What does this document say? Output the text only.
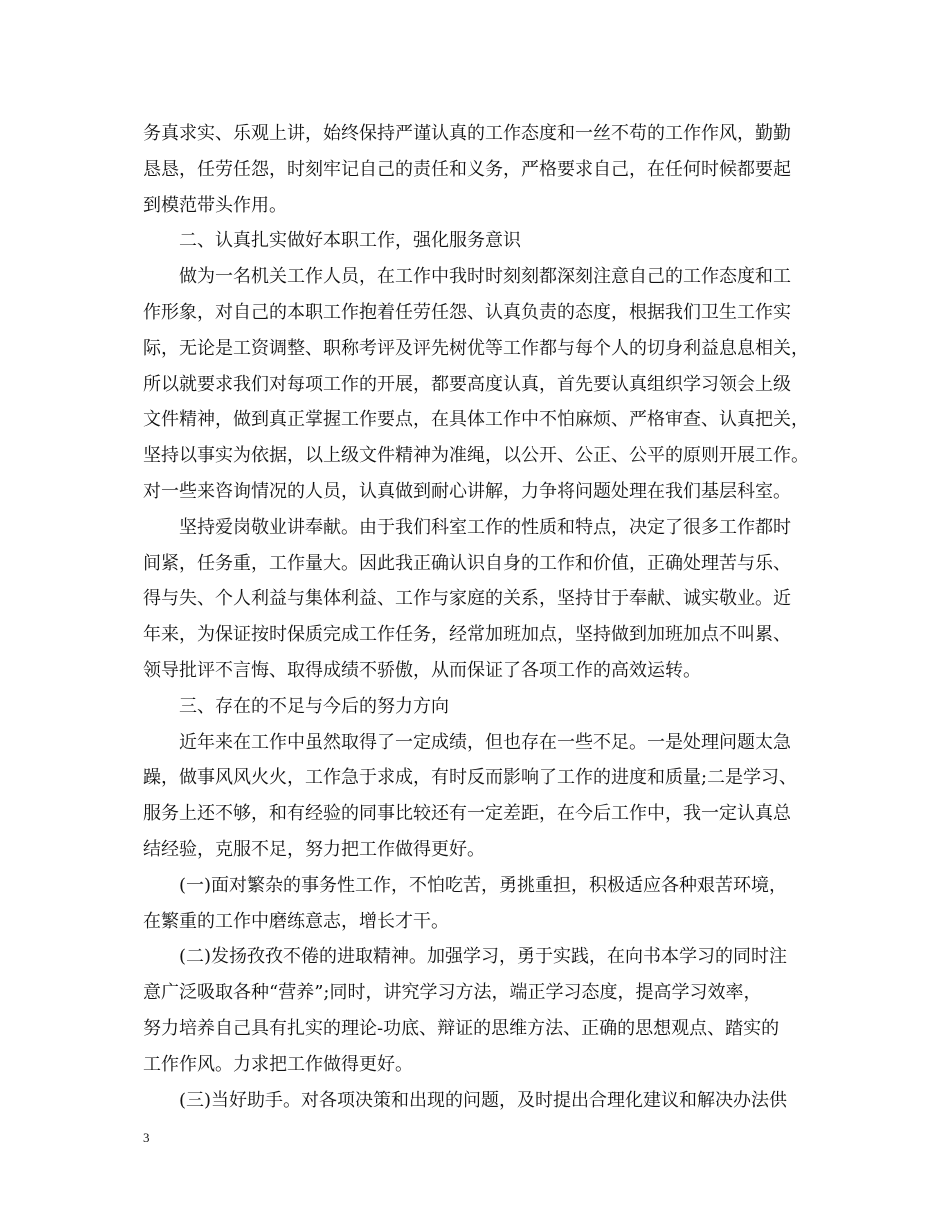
务真求实、乐观上讲，始终保持严谨认真的工作态度和一丝不苟的工作作风，勤勤
恳恳，任劳任怨，时刻牢记自己的责任和义务，严格要求自己，在任何时候都要起
到模范带头作用。
二、认真扎实做好本职工作，强化服务意识
做为一名机关工作人员，在工作中我时时刻刻都深刻注意自己的工作态度和工
作形象，对自己的本职工作抱着任劳任怨、认真负责的态度，根据我们卫生工作实
际，无论是工资调整、职称考评及评先树优等工作都与每个人的切身利益息息相关，
所以就要求我们对每项工作的开展，都要高度认真，首先要认真组织学习领会上级
文件精神，做到真正掌握工作要点，在具体工作中不怕麻烦、严格审查、认真把关，
坚持以事实为依据，以上级文件精神为准绳，以公开、公正、公平的原则开展工作。
对一些来咨询情况的人员，认真做到耐心讲解，力争将问题处理在我们基层科室。
坚持爱岗敬业讲奉献。由于我们科室工作的性质和特点，决定了很多工作都时
间紧，任务重，工作量大。因此我正确认识自身的工作和价值，正确处理苦与乐、
得与失、个人利益与集体利益、工作与家庭的关系，坚持甘于奉献、诚实敬业。近
年来，为保证按时保质完成工作任务，经常加班加点，坚持做到加班加点不叫累、
领导批评不言悔、取得成绩不骄傲，从而保证了各项工作的高效运转。
三、存在的不足与今后的努力方向
近年来在工作中虽然取得了一定成绩，但也存在一些不足。一是处理问题太急
躁，做事风风火火，工作急于求成，有时反而影响了工作的进度和质量;二是学习、
服务上还不够，和有经验的同事比较还有一定差距，在今后工作中，我一定认真总
结经验，克服不足，努力把工作做得更好。
(一)面对繁杂的事务性工作，不怕吃苦，勇挑重担，积极适应各种艰苦环境，
在繁重的工作中磨练意志，增长才干。
(二)发扬孜孜不倦的进取精神。加强学习，勇于实践，在向书本学习的同时注
意广泛吸取各种“营养”;同时，讲究学习方法，端正学习态度，提高学习效率，
努力培养自己具有扎实的理论-功底、辩证的思维方法、正确的思想观点、踏实的
工作作风。力求把工作做得更好。
(三)当好助手。对各项决策和出现的问题，及时提出合理化建议和解决办法供
3
